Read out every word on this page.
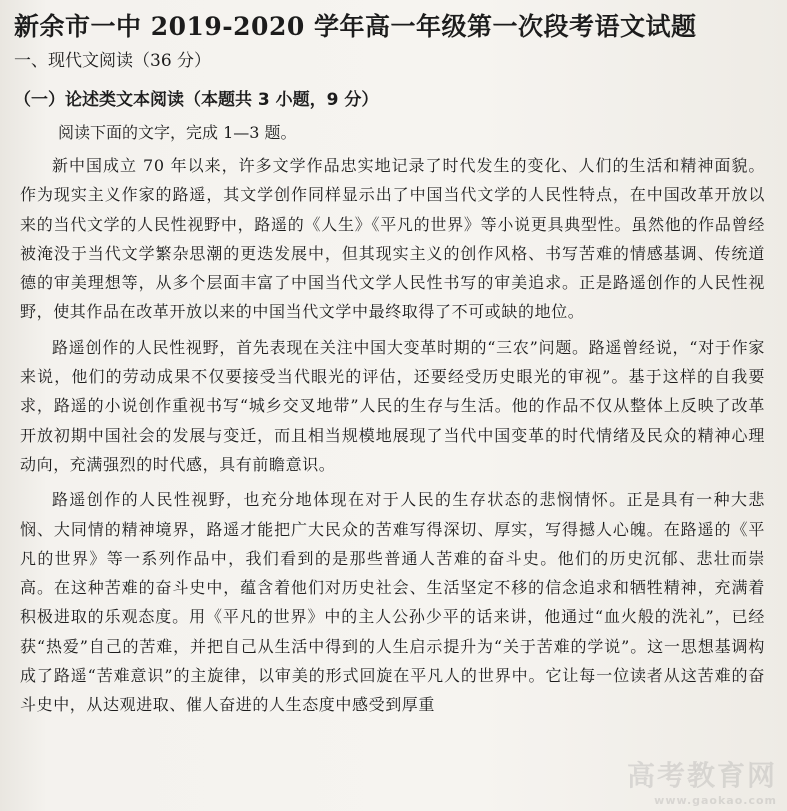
新余市一中 2019-2020 学年高一年级第一次段考语文试题
一、现代文阅读（36 分）
（一）论述类文本阅读（本题共 3 小题，9 分）
阅读下面的文字，完成 1—3 题。

新中国成立 70 年以来，许多文学作品忠实地记录了时代发生的变化、人们的生活和精神面貌。作为现实主义作家的路遥，其文学创作同样显示出了中国当代文学的人民性特点，在中国改革开放以来的当代文学的人民性视野中，路遥的《人生》《平凡的世界》等小说更具典型性。虽然他的作品曾经被淹没于当代文学繁杂思潮的更迭发展中，但其现实主义的创作风格、书写苦难的情感基调、传统道德的审美理想等，从多个层面丰富了中国当代文学人民性书写的审美追求。正是路遥创作的人民性视野，使其作品在改革开放以来的中国当代文学中最终取得了不可或缺的地位。

路遥创作的人民性视野，首先表现在关注中国大变革时期的“三农”问题。路遥曾经说，“对于作家来说，他们的劳动成果不仅要接受当代眼光的评估，还要经受历史眼光的审视”。基于这样的自我要求，路遥的小说创作重视书写“城乡交叉地带”人民的生存与生活。他的作品不仅从整体上反映了改革开放初期中国社会的发展与变迁，而且相当规模地展现了当代中国变革的时代情绪及民众的精神心理动向，充满强烈的时代感，具有前瞻意识。

路遥创作的人民性视野，也充分地体现在对于人民的生存状态的悲悯情怀。正是具有一种大悲悯、大同情的精神境界，路遥才能把广大民众的苦难写得深切、厚实，写得撼人心魄。在路遥的《平凡的世界》等一系列作品中，我们看到的是那些普通人苦难的奋斗史。他们的历史沉郁、悲壮而崇高。在这种苦难的奋斗史中，蕴含着他们对历史社会、生活坚定不移的信念追求和牺牲精神，充满着积极进取的乐观态度。用《平凡的世界》中的主人公孙少平的话来讲，他通过“血火般的洗礼”，已经获“热爱”自己的苦难，并把自己从生活中得到的人生启示提升为“关于苦难的学说”。这一思想基调构成了路遥“苦难意识”的主旋律，以审美的形式回旋在平凡人的世界中。它让每一位读者从这苦难的奋斗史中，从达观进取、催人奋进的人生态度中感受到厚重

高考教育网
www.gaokao.com
